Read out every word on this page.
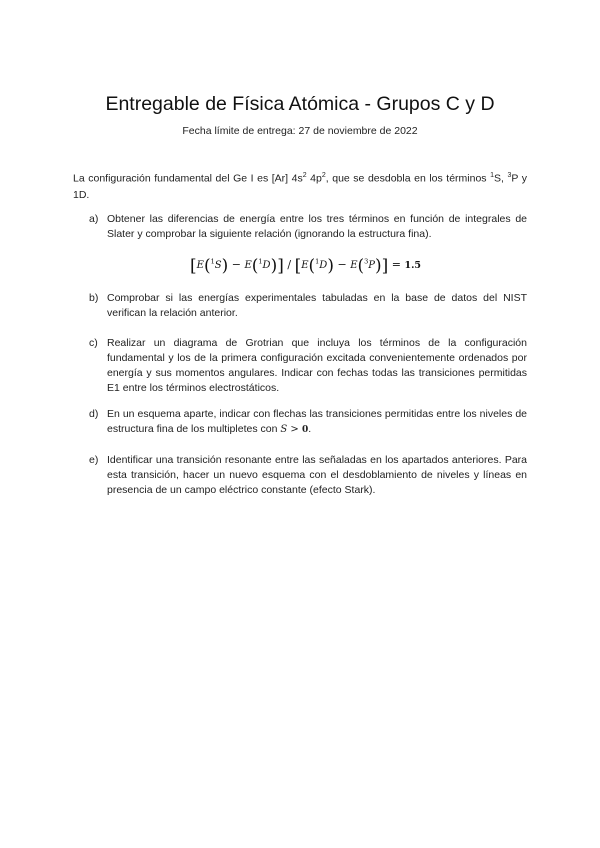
Entregable de Física Atómica - Grupos C y D
Fecha límite de entrega: 27 de noviembre de 2022
La configuración fundamental del Ge I es [Ar] $4s^2$ $4p^2$, que se desdobla en los términos $^1$S, $^3$P y 1D.
a) Obtener las diferencias de energía entre los tres términos en función de integrales de Slater y comprobar la siguiente relación (ignorando la estructura fina).
[E($^1$S) − E($^1$D)] / [E($^1$D) − E($^3$P)] = 1.5
b) Comprobar si las energías experimentales tabuladas en la base de datos del NIST verifican la relación anterior.
c) Realizar un diagrama de Grotrian que incluya los términos de la configuración fundamental y los de la primera configuración excitada convenientemente ordenados por energía y sus momentos angulares. Indicar con fechas todas las transiciones permitidas E1 entre los términos electrostáticos.
d) En un esquema aparte, indicar con flechas las transiciones permitidas entre los niveles de estructura fina de los multipletes con S > 0.
e) Identificar una transición resonante entre las señaladas en los apartados anteriores. Para esta transición, hacer un nuevo esquema con el desdoblamiento de niveles y líneas en presencia de un campo eléctrico constante (efecto Stark).
